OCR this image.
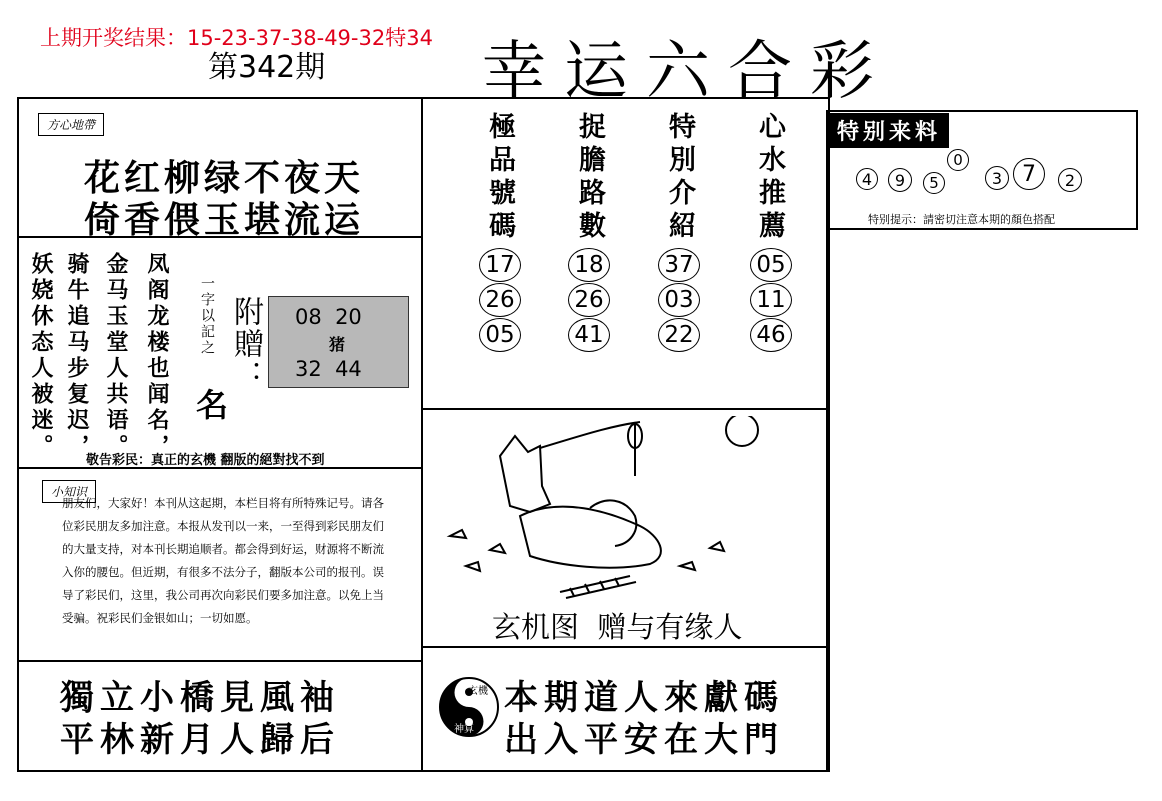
上期开奖结果：15-23-37-38-49-32特34
第342期 幸运六合彩
方心地帶
花红柳绿不夜天
倚香偎玉堪流运
凤阁龙楼也闻名，
金马玉堂人共语。
骑牛追马步复迟，
妖娆休态人被迷。	一字以記之
名
附贈： 08  20
猪
32  44
敬告彩民：真正的玄機 翻版的絕對找不到
小知识
朋友们，大家好！本刊从这起期，本栏目将有所特殊记号。请各位彩民朋友多加注意。本报从发刊以一来，一至得到彩民朋友们的大量支持，对本刊长期追顺者。都会得到好运，财源将不断流入你的腰包。但近期，有很多不法分子，翻版本公司的报刊。误导了彩民们，这里，我公司再次向彩民们要多加注意。以免上当受骗。祝彩民们金银如山；一切如愿。
獨立小橋見風袖
平林新月人歸后
極品號碼 捉膽路數 特別介紹 心水推薦
17	18	37	05
26	26	03	11
05	41	22	46
玄机图  赠与有缘人
玄機
神算
本期道人來獻碼
出入平安在大門
特别来料
4	9	5
0
3 7	2
特别提示：請密切注意本期的顏色搭配
